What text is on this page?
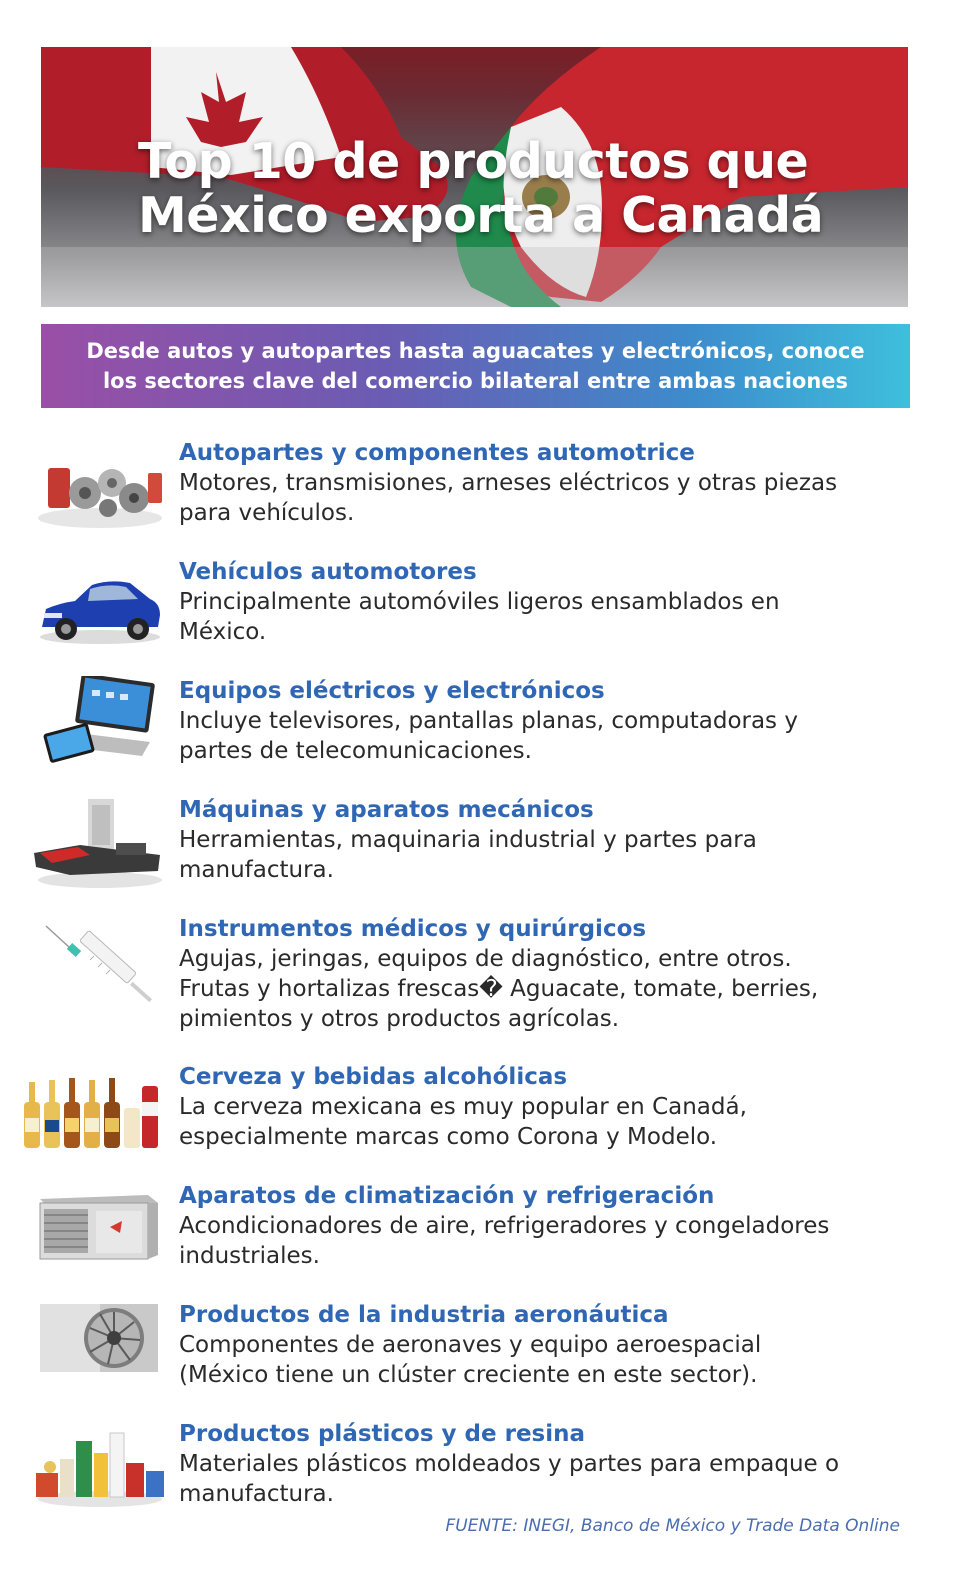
Top 10 de productos que
México exporta a Canadá
Desde autos y autopartes hasta aguacates y electrónicos, conoce
los sectores clave del comercio bilateral entre ambas naciones
Autopartes y componentes automotrice
Motores, transmisiones, arneses eléctricos y otras piezas
para vehículos.
Vehículos automotores
Principalmente automóviles ligeros ensamblados en
México.
Equipos eléctricos y electrónicos
Incluye televisores, pantallas planas, computadoras y
partes de telecomunicaciones.
Máquinas y aparatos mecánicos
Herramientas, maquinaria industrial y partes para
manufactura.
Instrumentos médicos y quirúrgicos
Agujas, jeringas, equipos de diagnóstico, entre otros.
Frutas y hortalizas frescas� Aguacate, tomate, berries,
pimientos y otros productos agrícolas.
Cerveza y bebidas alcohólicas
La cerveza mexicana es muy popular en Canadá,
especialmente marcas como Corona y Modelo.
Aparatos de climatización y refrigeración
Acondicionadores de aire, refrigeradores y congeladores
industriales.
Productos de la industria aeronáutica
Componentes de aeronaves y equipo aeroespacial
(México tiene un clúster creciente en este sector).
Productos plásticos y de resina
Materiales plásticos moldeados y partes para empaque o
manufactura.
FUENTE: INEGI, Banco de México y Trade Data Online
